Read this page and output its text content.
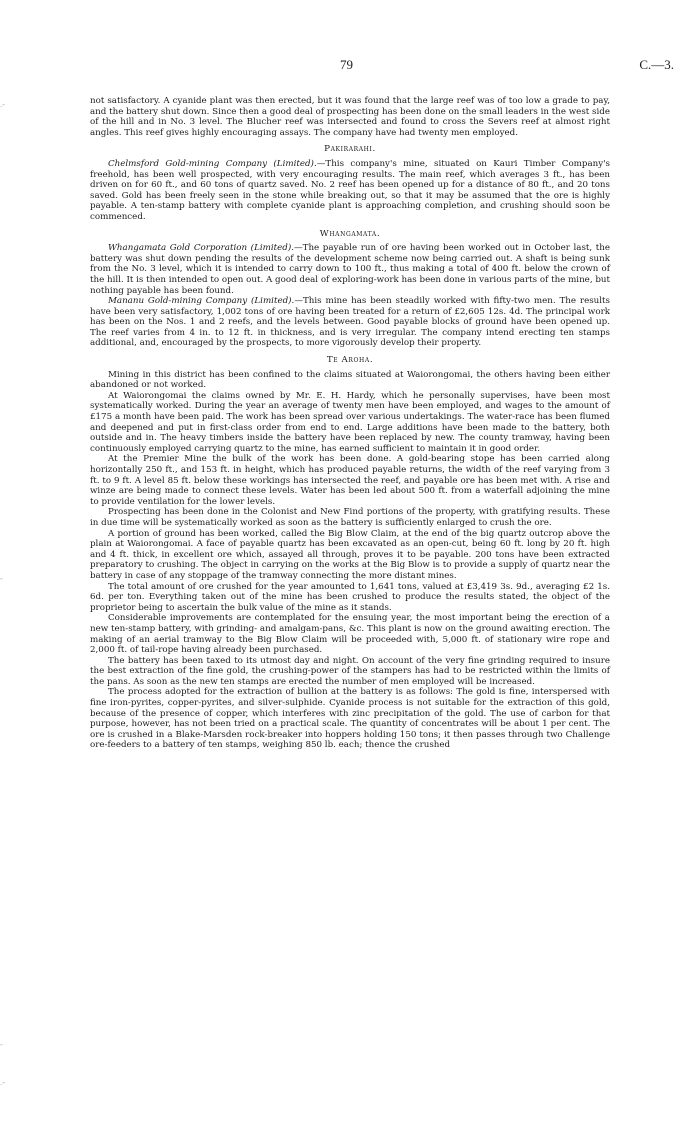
79	C.—3.
.-
-
-
.-

not satisfactory. A cyanide plant was then erected, but it was found that the large reef was of too low a grade to pay, and the battery shut down. Since then a good deal of prospecting has been done on the small leaders in the west side of the hill and in No. 3 level. The Blucher reef was intersected and found to cross the Severs reef at almost right angles. This reef gives highly encouraging assays. The company have had twenty men employed.

Pakirarahi.

Chelmsford Gold-mining Company (Limited).—This company's mine, situated on Kauri Timber Company's freehold, has been well prospected, with very encouraging results. The main reef, which averages 3 ft., has been driven on for 60 ft., and 60 tons of quartz saved. No. 2 reef has been opened up for a distance of 80 ft., and 20 tons saved. Gold has been freely seen in the stone while breaking out, so that it may be assumed that the ore is highly payable. A ten-stamp battery with complete cyanide plant is approaching completion, and crushing should soon be commenced.

Whangamata.

Whangamata Gold Corporation (Limited).—The payable run of ore having been worked out in October last, the battery was shut down pending the results of the development scheme now being carried out. A shaft is being sunk from the No. 3 level, which it is intended to carry down to 100 ft., thus making a total of 400 ft. below the crown of the hill. It is then intended to open out. A good deal of exploring-work has been done in various parts of the mine, but nothing payable has been found.

Mananu Gold-mining Company (Limited).—This mine has been steadily worked with fifty-two men. The results have been very satisfactory, 1,002 tons of ore having been treated for a return of £2,605 12s. 4d. The principal work has been on the Nos. 1 and 2 reefs, and the levels between. Good payable blocks of ground have been opened up. The reef varies from 4 in. to 12 ft. in thickness, and is very irregular. The company intend erecting ten stamps additional, and, encouraged by the prospects, to more vigorously develop their property.

Te Aroha.

Mining in this district has been confined to the claims situated at Waiorongomai, the others having been either abandoned or not worked.

At Waiorongomai the claims owned by Mr. E. H. Hardy, which he personally supervises, have been most systematically worked. During the year an average of twenty men have been employed, and wages to the amount of £175 a month have been paid. The work has been spread over various undertakings. The water-race has been flumed and deepened and put in first-class order from end to end. Large additions have been made to the battery, both outside and in. The heavy timbers inside the battery have been replaced by new. The county tramway, having been continuously employed carrying quartz to the mine, has earned sufficient to maintain it in good order.

At the Premier Mine the bulk of the work has been done. A gold-bearing stope has been carried along horizontally 250 ft., and 153 ft. in height, which has produced payable returns, the width of the reef varying from 3 ft. to 9 ft. A level 85 ft. below these workings has intersected the reef, and payable ore has been met with. A rise and winze are being made to connect these levels. Water has been led about 500 ft. from a waterfall adjoining the mine to provide ventilation for the lower levels.

Prospecting has been done in the Colonist and New Find portions of the property, with gratifying results. These in due time will be systematically worked as soon as the battery is sufficiently enlarged to crush the ore.

A portion of ground has been worked, called the Big Blow Claim, at the end of the big quartz outcrop above the plain at Waiorongomai. A face of payable quartz has been excavated as an open-cut, being 60 ft. long by 20 ft. high and 4 ft. thick, in excellent ore which, assayed all through, proves it to be payable. 200 tons have been extracted preparatory to crushing. The object in carrying on the works at the Big Blow is to provide a supply of quartz near the battery in case of any stoppage of the tramway connecting the more distant mines.

The total amount of ore crushed for the year amounted to 1,641 tons, valued at £3,419 3s. 9d., averaging £2 1s. 6d. per ton. Everything taken out of the mine has been crushed to produce the results stated, the object of the proprietor being to ascertain the bulk value of the mine as it stands.

Considerable improvements are contemplated for the ensuing year, the most important being the erection of a new ten-stamp battery, with grinding- and amalgam-pans, &c. This plant is now on the ground awaiting erection. The making of an aerial tramway to the Big Blow Claim will be proceeded with, 5,000 ft. of stationary wire rope and 2,000 ft. of tail-rope having already been purchased.

The battery has been taxed to its utmost day and night. On account of the very fine grinding required to insure the best extraction of the fine gold, the crushing-power of the stampers has had to be restricted within the limits of the pans. As soon as the new ten stamps are erected the number of men employed will be increased.

The process adopted for the extraction of bullion at the battery is as follows: The gold is fine, interspersed with fine iron-pyrites, copper-pyrites, and silver-sulphide. Cyanide process is not suitable for the extraction of this gold, because of the presence of copper, which interferes with zinc precipitation of the gold. The use of carbon for that purpose, however, has not been tried on a practical scale. The quantity of concentrates will be about 1 per cent. The ore is crushed in a Blake-Marsden rock-breaker into hoppers holding 150 tons; it then passes through two Challenge ore-feeders to a battery of ten stamps, weighing 850 lb. each; thence the crushed
